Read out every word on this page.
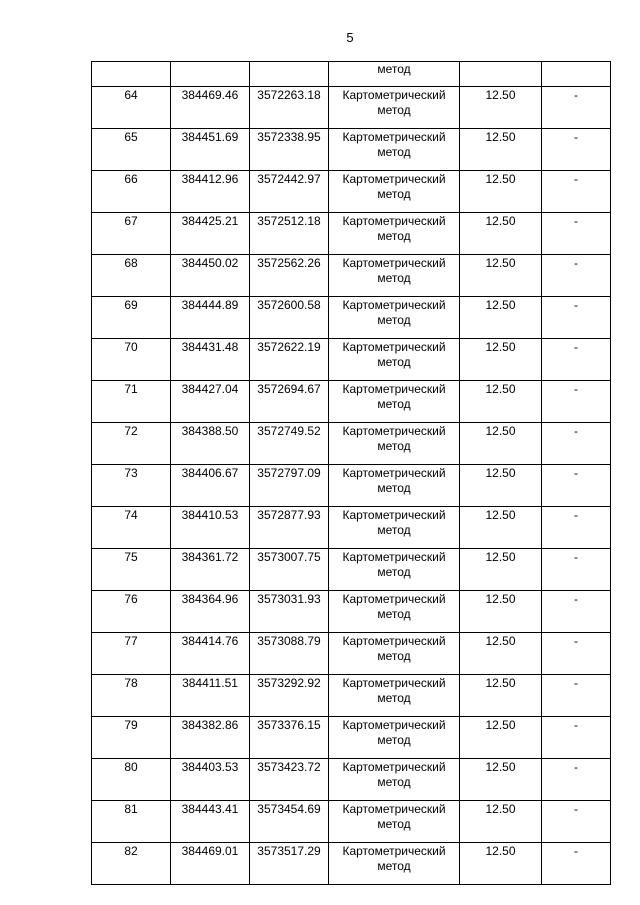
5
			метод		
64	384469.46	3572263.18	Картометрический метод	12.50	-
65	384451.69	3572338.95	Картометрический метод	12.50	-
66	384412.96	3572442.97	Картометрический метод	12.50	-
67	384425.21	3572512.18	Картометрический метод	12.50	-
68	384450.02	3572562.26	Картометрический метод	12.50	-
69	384444.89	3572600.58	Картометрический метод	12.50	-
70	384431.48	3572622.19	Картометрический метод	12.50	-
71	384427.04	3572694.67	Картометрический метод	12.50	-
72	384388.50	3572749.52	Картометрический метод	12.50	-
73	384406.67	3572797.09	Картометрический метод	12.50	-
74	384410.53	3572877.93	Картометрический метод	12.50	-
75	384361.72	3573007.75	Картометрический метод	12.50	-
76	384364.96	3573031.93	Картометрический метод	12.50	-
77	384414.76	3573088.79	Картометрический метод	12.50	-
78	384411.51	3573292.92	Картометрический метод	12.50	-
79	384382.86	3573376.15	Картометрический метод	12.50	-
80	384403.53	3573423.72	Картометрический метод	12.50	-
81	384443.41	3573454.69	Картометрический метод	12.50	-
82	384469.01	3573517.29	Картометрический метод	12.50	-
